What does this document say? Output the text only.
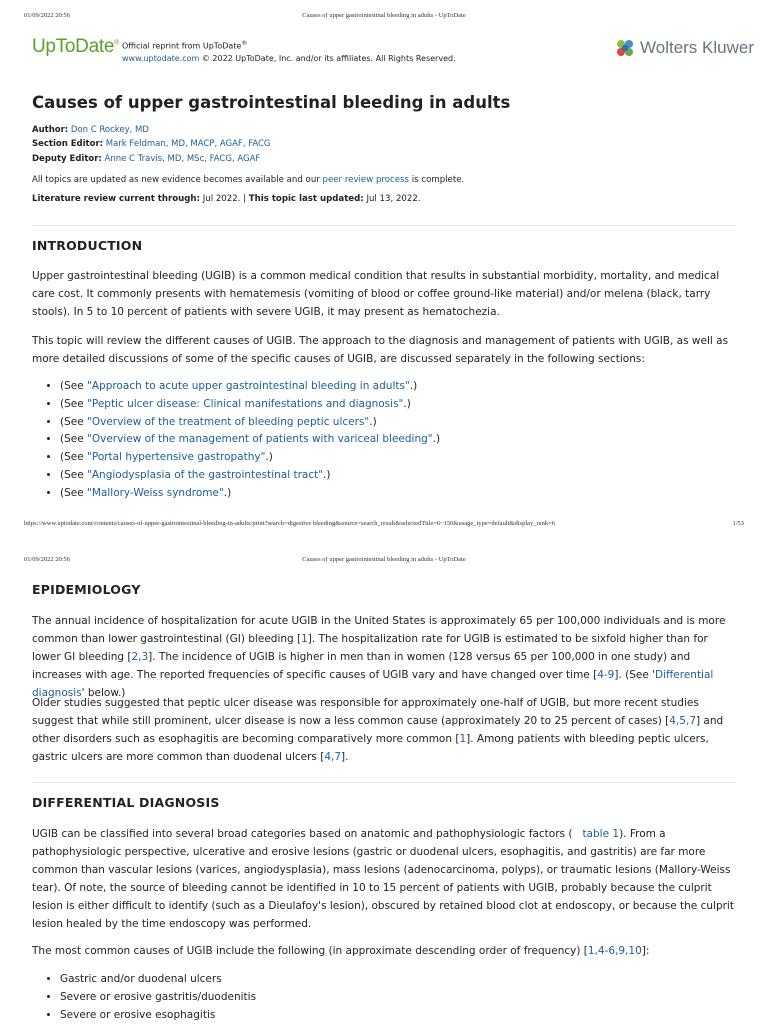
01/09/2022 20:56	Causes of upper gastrointestinal bleeding in adults - UpToDate
UpToDate® Official reprint from UpToDate®
www.uptodate.com © 2022 UpToDate, Inc. and/or its affiliates. All Rights Reserved.
Wolters Kluwer
Causes of upper gastrointestinal bleeding in adults
Author: Don C Rockey, MD
Section Editor: Mark Feldman, MD, MACP, AGAF, FACG
Deputy Editor: Anne C Travis, MD, MSc, FACG, AGAF
All topics are updated as new evidence becomes available and our peer review process is complete.
Literature review current through: Jul 2022. | This topic last updated: Jul 13, 2022.
INTRODUCTION
Upper gastrointestinal bleeding (UGIB) is a common medical condition that results in substantial morbidity, mortality, and medical care cost. It commonly presents with hematemesis (vomiting of blood or coffee ground-like material) and/or melena (black, tarry stools). In 5 to 10 percent of patients with severe UGIB, it may present as hematochezia.
This topic will review the different causes of UGIB. The approach to the diagnosis and management of patients with UGIB, as well as more detailed discussions of some of the specific causes of UGIB, are discussed separately in the following sections:
• (See "Approach to acute upper gastrointestinal bleeding in adults".)
• (See "Peptic ulcer disease: Clinical manifestations and diagnosis".)
• (See "Overview of the treatment of bleeding peptic ulcers".)
• (See "Overview of the management of patients with variceal bleeding".)
• (See "Portal hypertensive gastropathy".)
• (See "Angiodysplasia of the gastrointestinal tract".)
• (See "Mallory-Weiss syndrome".)
https://www.uptodate.com/contents/causes-of-upper-gastrointestinal-bleeding-in-adults/print?search=digestive bleeding&source=search_result&selectedTitle=6~150&usage_type=default&display_rank=6	1/53
01/09/2022 20:56	Causes of upper gastrointestinal bleeding in adults - UpToDate
EPIDEMIOLOGY
The annual incidence of hospitalization for acute UGIB in the United States is approximately 65 per 100,000 individuals and is more common than lower gastrointestinal (GI) bleeding [1]. The hospitalization rate for UGIB is estimated to be sixfold higher than for lower GI bleeding [2,3]. The incidence of UGIB is higher in men than in women (128 versus 65 per 100,000 in one study) and increases with age. The reported frequencies of specific causes of UGIB vary and have changed over time [4-9]. (See 'Differential diagnosis' below.)
Older studies suggested that peptic ulcer disease was responsible for approximately one-half of UGIB, but more recent studies suggest that while still prominent, ulcer disease is now a less common cause (approximately 20 to 25 percent of cases) [4,5,7] and other disorders such as esophagitis are becoming comparatively more common [1]. Among patients with bleeding peptic ulcers, gastric ulcers are more common than duodenal ulcers [4,7].
DIFFERENTIAL DIAGNOSIS
UGIB can be classified into several broad categories based on anatomic and pathophysiologic factors ( table 1). From a pathophysiologic perspective, ulcerative and erosive lesions (gastric or duodenal ulcers, esophagitis, and gastritis) are far more common than vascular lesions (varices, angiodysplasia), mass lesions (adenocarcinoma, polyps), or traumatic lesions (Mallory-Weiss tear). Of note, the source of bleeding cannot be identified in 10 to 15 percent of patients with UGIB, probably because the culprit lesion is either difficult to identify (such as a Dieulafoy's lesion), obscured by retained blood clot at endoscopy, or because the culprit lesion healed by the time endoscopy was performed.
The most common causes of UGIB include the following (in approximate descending order of frequency) [1,4-6,9,10]:
• Gastric and/or duodenal ulcers
• Severe or erosive gastritis/duodenitis
• Severe or erosive esophagitis
